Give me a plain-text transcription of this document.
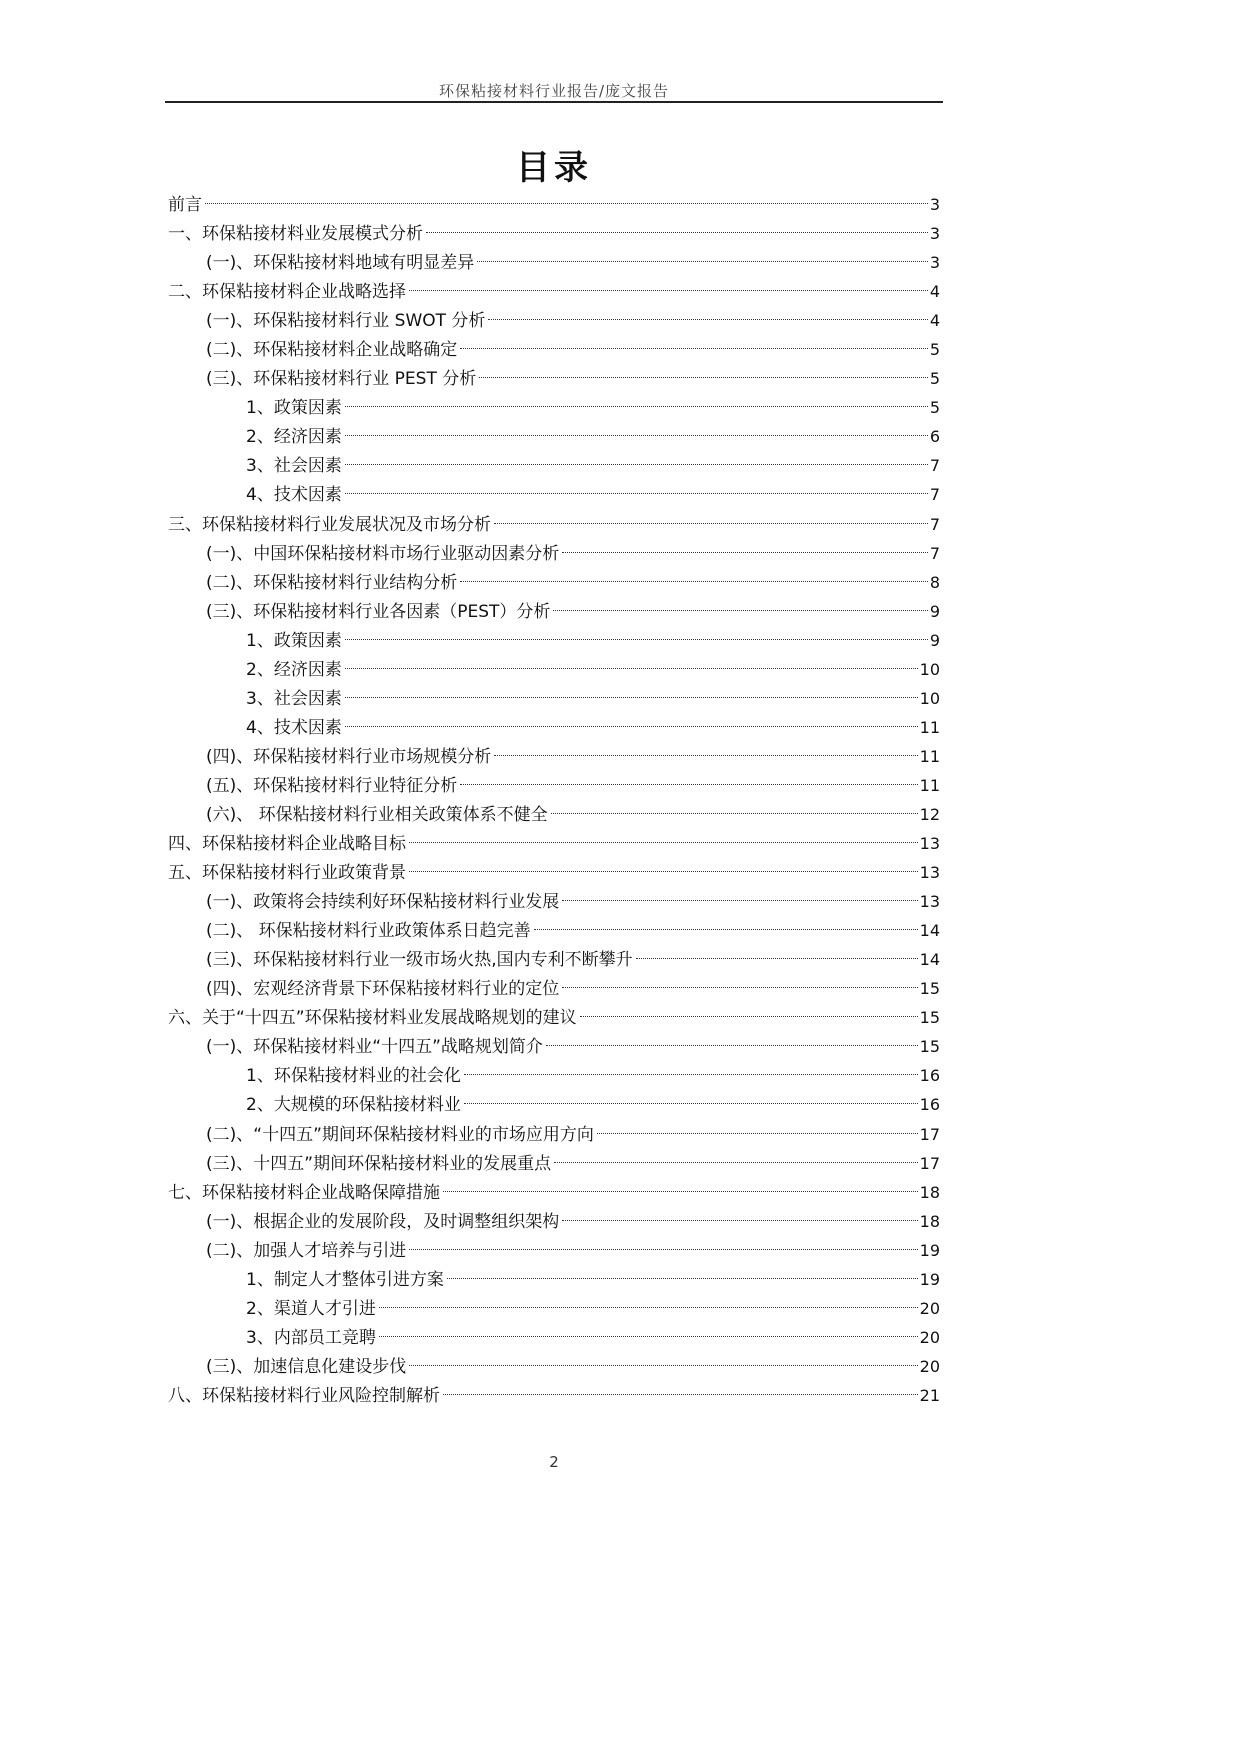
环保粘接材料行业报告/庞文报告
目录
前言	3
一、环保粘接材料业发展模式分析	3
(一)、环保粘接材料地域有明显差异	3
二、环保粘接材料企业战略选择	4
(一)、环保粘接材料行业 SWOT 分析	4
(二)、环保粘接材料企业战略确定	5
(三)、环保粘接材料行业 PEST 分析	5
1、政策因素	5
2、经济因素	6
3、社会因素	7
4、技术因素	7
三、环保粘接材料行业发展状况及市场分析	7
(一)、中国环保粘接材料市场行业驱动因素分析	7
(二)、环保粘接材料行业结构分析	8
(三)、环保粘接材料行业各因素（PEST）分析	9
1、政策因素	9
2、经济因素	10
3、社会因素	10
4、技术因素	11
(四)、环保粘接材料行业市场规模分析	11
(五)、环保粘接材料行业特征分析	11
(六)、 环保粘接材料行业相关政策体系不健全	12
四、环保粘接材料企业战略目标	13
五、环保粘接材料行业政策背景	13
(一)、政策将会持续利好环保粘接材料行业发展	13
(二)、 环保粘接材料行业政策体系日趋完善	14
(三)、环保粘接材料行业一级市场火热,国内专利不断攀升	14
(四)、宏观经济背景下环保粘接材料行业的定位	15
六、关于“十四五”环保粘接材料业发展战略规划的建议	15
(一)、环保粘接材料业“十四五”战略规划简介	15
1、环保粘接材料业的社会化	16
2、大规模的环保粘接材料业	16
(二)、“十四五”期间环保粘接材料业的市场应用方向	17
(三)、十四五”期间环保粘接材料业的发展重点	17
七、环保粘接材料企业战略保障措施	18
(一)、根据企业的发展阶段，及时调整组织架构	18
(二)、加强人才培养与引进	19
1、制定人才整体引进方案	19
2、渠道人才引进	20
3、内部员工竞聘	20
(三)、加速信息化建设步伐	20
八、环保粘接材料行业风险控制解析	21
2
